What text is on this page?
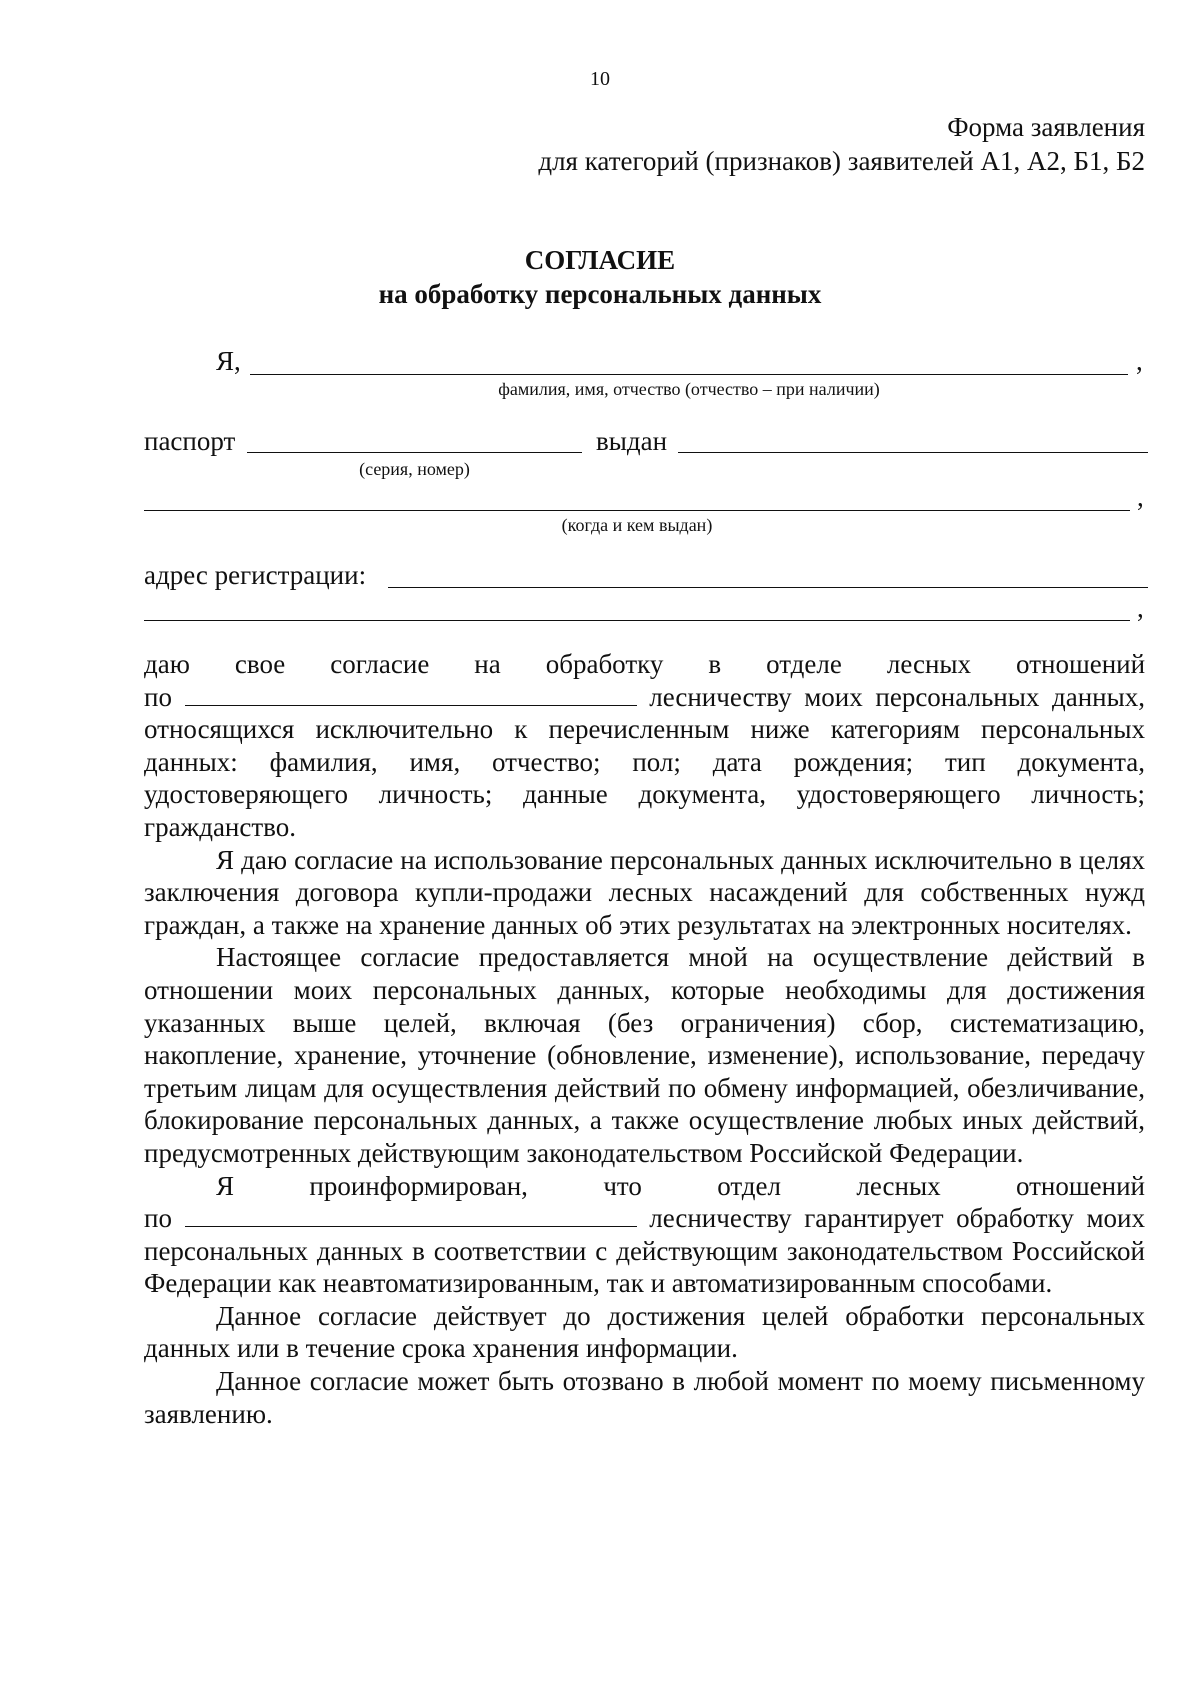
10
Форма заявления
для категорий (признаков) заявителей А1, А2, Б1, Б2
СОГЛАСИЕ
на обработку персональных данных
Я,	,
фамилия, имя, отчество (отчество – при наличии)
паспорт	выдан
(серия, номер)
,
(когда и кем выдан)
адрес регистрации:
,
даю свое согласие на обработку в отделе лесных отношений
по	лесничеству моих персональных данных,
относящихся исключительно к перечисленным ниже категориям персональных данных: фамилия, имя, отчество; пол; дата рождения; тип документа, удостоверяющего личность; данные документа, удостоверяющего личность; гражданство.
Я даю согласие на использование персональных данных исключительно в целях заключения договора купли-продажи лесных насаждений для собственных нужд граждан, а также на хранение данных об этих результатах на электронных носителях.
Настоящее согласие предоставляется мной на осуществление действий в отношении моих персональных данных, которые необходимы для достижения указанных выше целей, включая (без ограничения) сбор, систематизацию, накопление, хранение, уточнение (обновление, изменение), использование, передачу третьим лицам для осуществления действий по обмену информацией, обезличивание, блокирование персональных данных, а также осуществление любых иных действий, предусмотренных действующим законодательством Российской Федерации.
Я	проинформирован,	что	отдел	лесных	отношений
по	лесничеству гарантирует обработку моих
персональных данных в соответствии с действующим законодательством Российской Федерации как неавтоматизированным, так и автоматизированным способами.
Данное согласие действует до достижения целей обработки персональных данных или в течение срока хранения информации.
Данное согласие может быть отозвано в любой момент по моему письменному заявлению.
